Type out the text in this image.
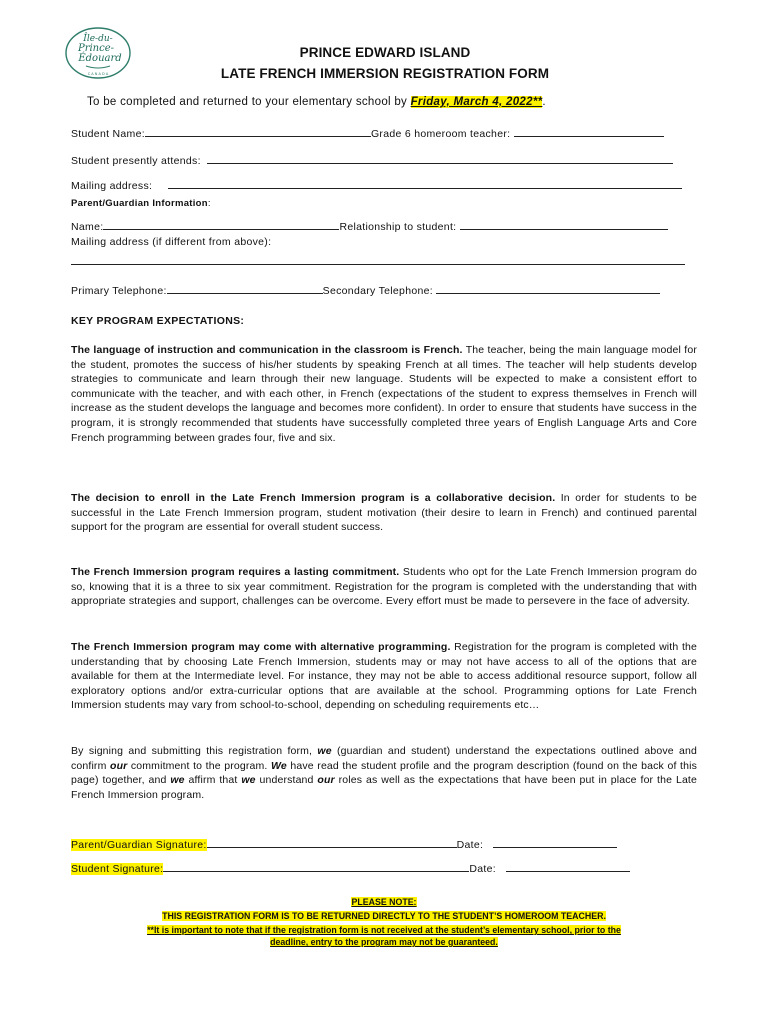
Île-du-
Prince-
Édouard
C A N A D A
PRINCE EDWARD ISLAND
LATE FRENCH IMMERSION REGISTRATION FORM
To be completed and returned to your elementary school by Friday, March 4, 2022**.
Student Name:	Grade 6 homeroom teacher:
Student presently attends:
Mailing address:
Parent/Guardian Information:
Name:	Relationship to student:
Mailing address (if different from above):
Primary Telephone:	Secondary Telephone:
KEY PROGRAM EXPECTATIONS:
The language of instruction and communication in the classroom is French. The teacher, being the main language model for the student, promotes the success of his/her students by speaking French at all times. The teacher will help students develop strategies to communicate and learn through their new language. Students will be expected to make a consistent effort to communicate with the teacher, and with each other, in French (expectations of the student to express themselves in French will increase as the student develops the language and becomes more confident). In order to ensure that students have success in the program, it is strongly recommended that students have successfully completed three years of English Language Arts and Core French programming between grades four, five and six.
The decision to enroll in the Late French Immersion program is a collaborative decision. In order for students to be successful in the Late French Immersion program, student motivation (their desire to learn in French) and continued parental support for the program are essential for overall student success.
The French Immersion program requires a lasting commitment. Students who opt for the Late French Immersion program do so, knowing that it is a three to six year commitment. Registration for the program is completed with the understanding that with appropriate strategies and support, challenges can be overcome. Every effort must be made to persevere in the face of adversity.
The French Immersion program may come with alternative programming. Registration for the program is completed with the understanding that by choosing Late French Immersion, students may or may not have access to all of the options that are available for them at the Intermediate level. For instance, they may not be able to access additional resource support, follow all exploratory options and/or extra-curricular options that are available at the school. Programming options for Late French Immersion students may vary from school-to-school, depending on scheduling requirements etc…
By signing and submitting this registration form, we (guardian and student) understand the expectations outlined above and confirm our commitment to the program. We have read the student profile and the program description (found on the back of this page) together, and we affirm that we understand our roles as well as the expectations that have been put in place for the Late French Immersion program.
Parent/Guardian Signature:	Date:
Student Signature:	Date:
PLEASE NOTE:
THIS REGISTRATION FORM IS TO BE RETURNED DIRECTLY TO THE STUDENT’S HOMEROOM TEACHER.
**It is important to note that if the registration form is not received at the student’s elementary school, prior to the
deadline, entry to the program may not be guaranteed.
